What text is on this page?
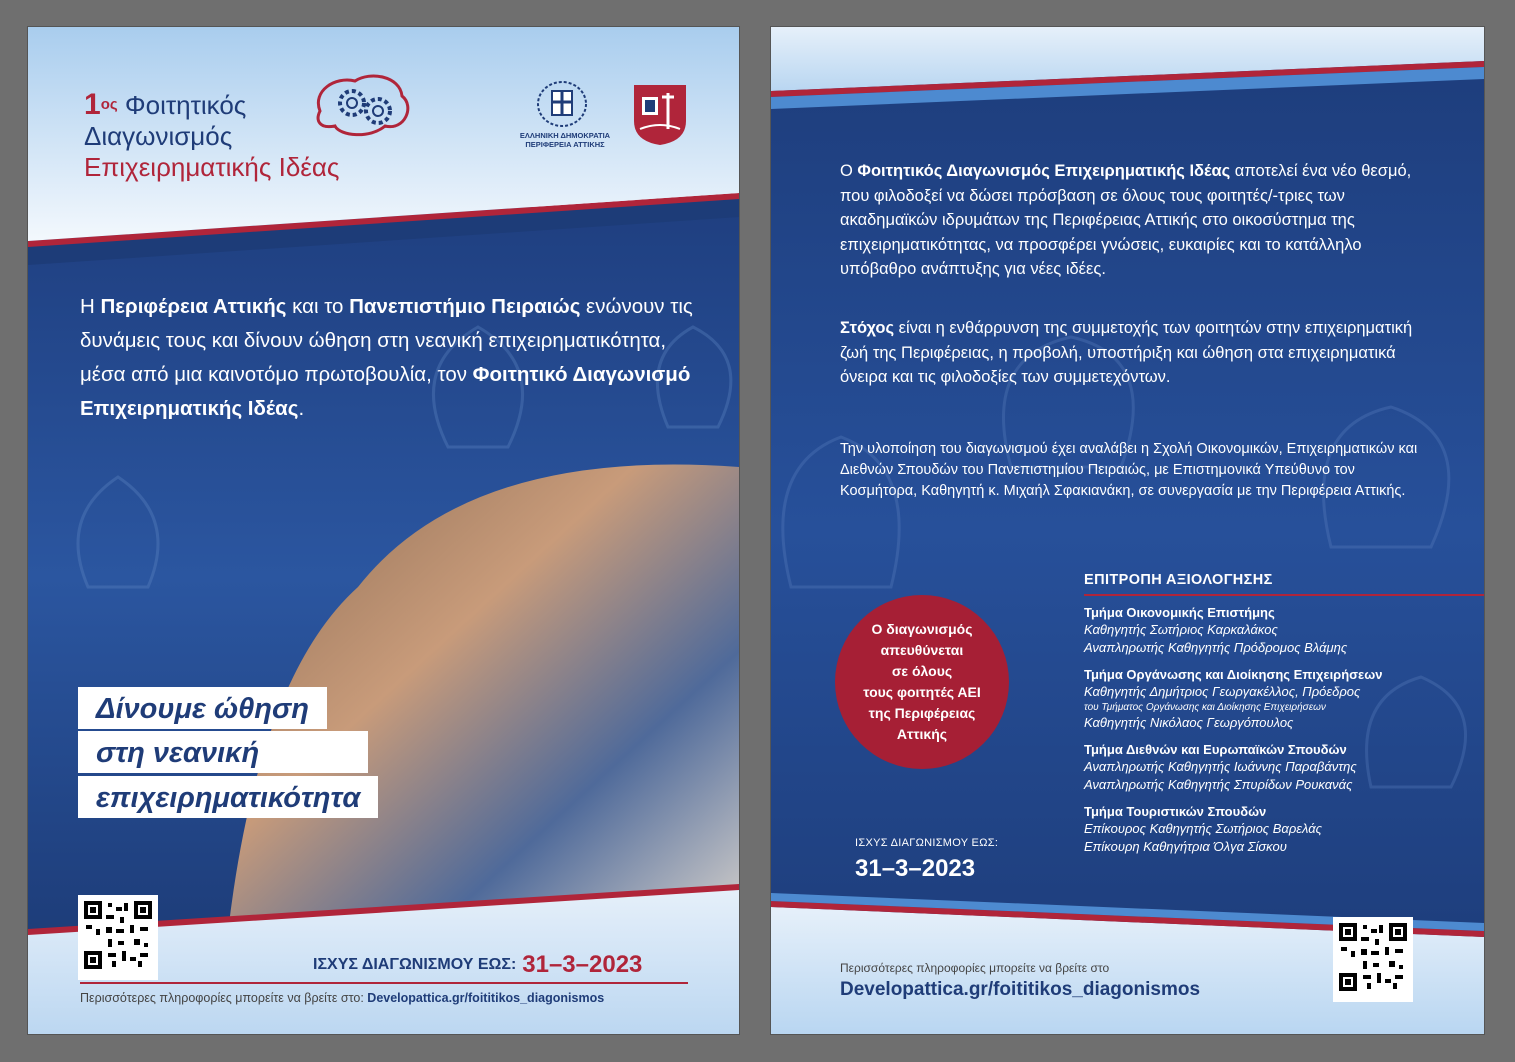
$1^{o\varsigma}$ Φοιτητικός
Διαγωνισμός
Επιχειρηματικής Ιδέας
ΕΛΛΗΝΙΚΗ ΔΗΜΟΚΡΑΤΙΑ
ΠΕΡΙΦΕΡΕΙΑ ΑΤΤΙΚΗΣ
Η Περιφέρεια Αττικής και το Πανεπιστήμιο Πειραιώς ενώνουν τις δυνάμεις τους και δίνουν ώθηση στη νεανική επιχειρηματικότητα, μέσα από μια καινοτόμο πρωτοβουλία, τον Φοιτητικό Διαγωνισμό Επιχειρηματικής Ιδέας.
Δίνουμε ώθηση
στη νεανική
επιχειρηματικότητα
ΙΣΧΥΣ ΔΙΑΓΩΝΙΣΜΟΥ ΕΩΣ: 31–3–2023
Περισσότερες πληροφορίες μπορείτε να βρείτε στο: Developattica.gr/foititikos_diagonismos
Ο Φοιτητικός Διαγωνισμός Επιχειρηματικής Ιδέας αποτελεί ένα νέο θεσμό, που φιλοδοξεί να δώσει πρόσβαση σε όλους τους φοιτητές/-τριες των ακαδημαϊκών ιδρυμάτων της Περιφέρειας Αττικής στο οικοσύστημα της επιχειρηματικότητας, να προσφέρει γνώσεις, ευκαιρίες και το κατάλληλο υπόβαθρο ανάπτυξης για νέες ιδέες.
Στόχος είναι η ενθάρρυνση της συμμετοχής των φοιτητών στην επιχειρηματική ζωή της Περιφέρειας, η προβολή, υποστήριξη και ώθηση στα επιχειρηματικά όνειρα και τις φιλοδοξίες των συμμετεχόντων.
Την υλοποίηση του διαγωνισμού έχει αναλάβει η Σχολή Οικονομικών, Επιχειρηματικών και Διεθνών Σπουδών του Πανεπιστημίου Πειραιώς, με Επιστημονικά Υπεύθυνο τον Κοσμήτορα, Καθηγητή κ. Μιχαήλ Σφακιανάκη, σε συνεργασία με την Περιφέρεια Αττικής.
Ο διαγωνισμός
απευθύνεται
σε όλους
τους φοιτητές ΑΕΙ
της Περιφέρειας
Αττικής
ΙΣΧΥΣ ΔΙΑΓΩΝΙΣΜΟΥ ΕΩΣ:
31–3–2023
ΕΠΙΤΡΟΠΗ ΑΞΙΟΛΟΓΗΣΗΣ
Τμήμα Οικονομικής Επιστήμης
Καθηγητής Σωτήριος Καρκαλάκος
Αναπληρωτής Καθηγητής Πρόδρομος Βλάμης
Τμήμα Οργάνωσης και Διοίκησης Επιχειρήσεων
Καθηγητής Δημήτριος Γεωργακέλλος, Πρόεδρος
του Τμήματος Οργάνωσης και Διοίκησης Επιχειρήσεων
Καθηγητής Νικόλαος Γεωργόπουλος
Τμήμα Διεθνών και Ευρωπαϊκών Σπουδών
Αναπληρωτής Καθηγητής Ιωάννης Παραβάντης
Αναπληρωτής Καθηγητής Σπυρίδων Ρουκανάς
Τμήμα Τουριστικών Σπουδών
Επίκουρος Καθηγητής Σωτήριος Βαρελάς
Επίκουρη Καθηγήτρια Όλγα Σίσκου
Περισσότερες πληροφορίες μπορείτε να βρείτε στο
Developattica.gr/foititikos_diagonismos
